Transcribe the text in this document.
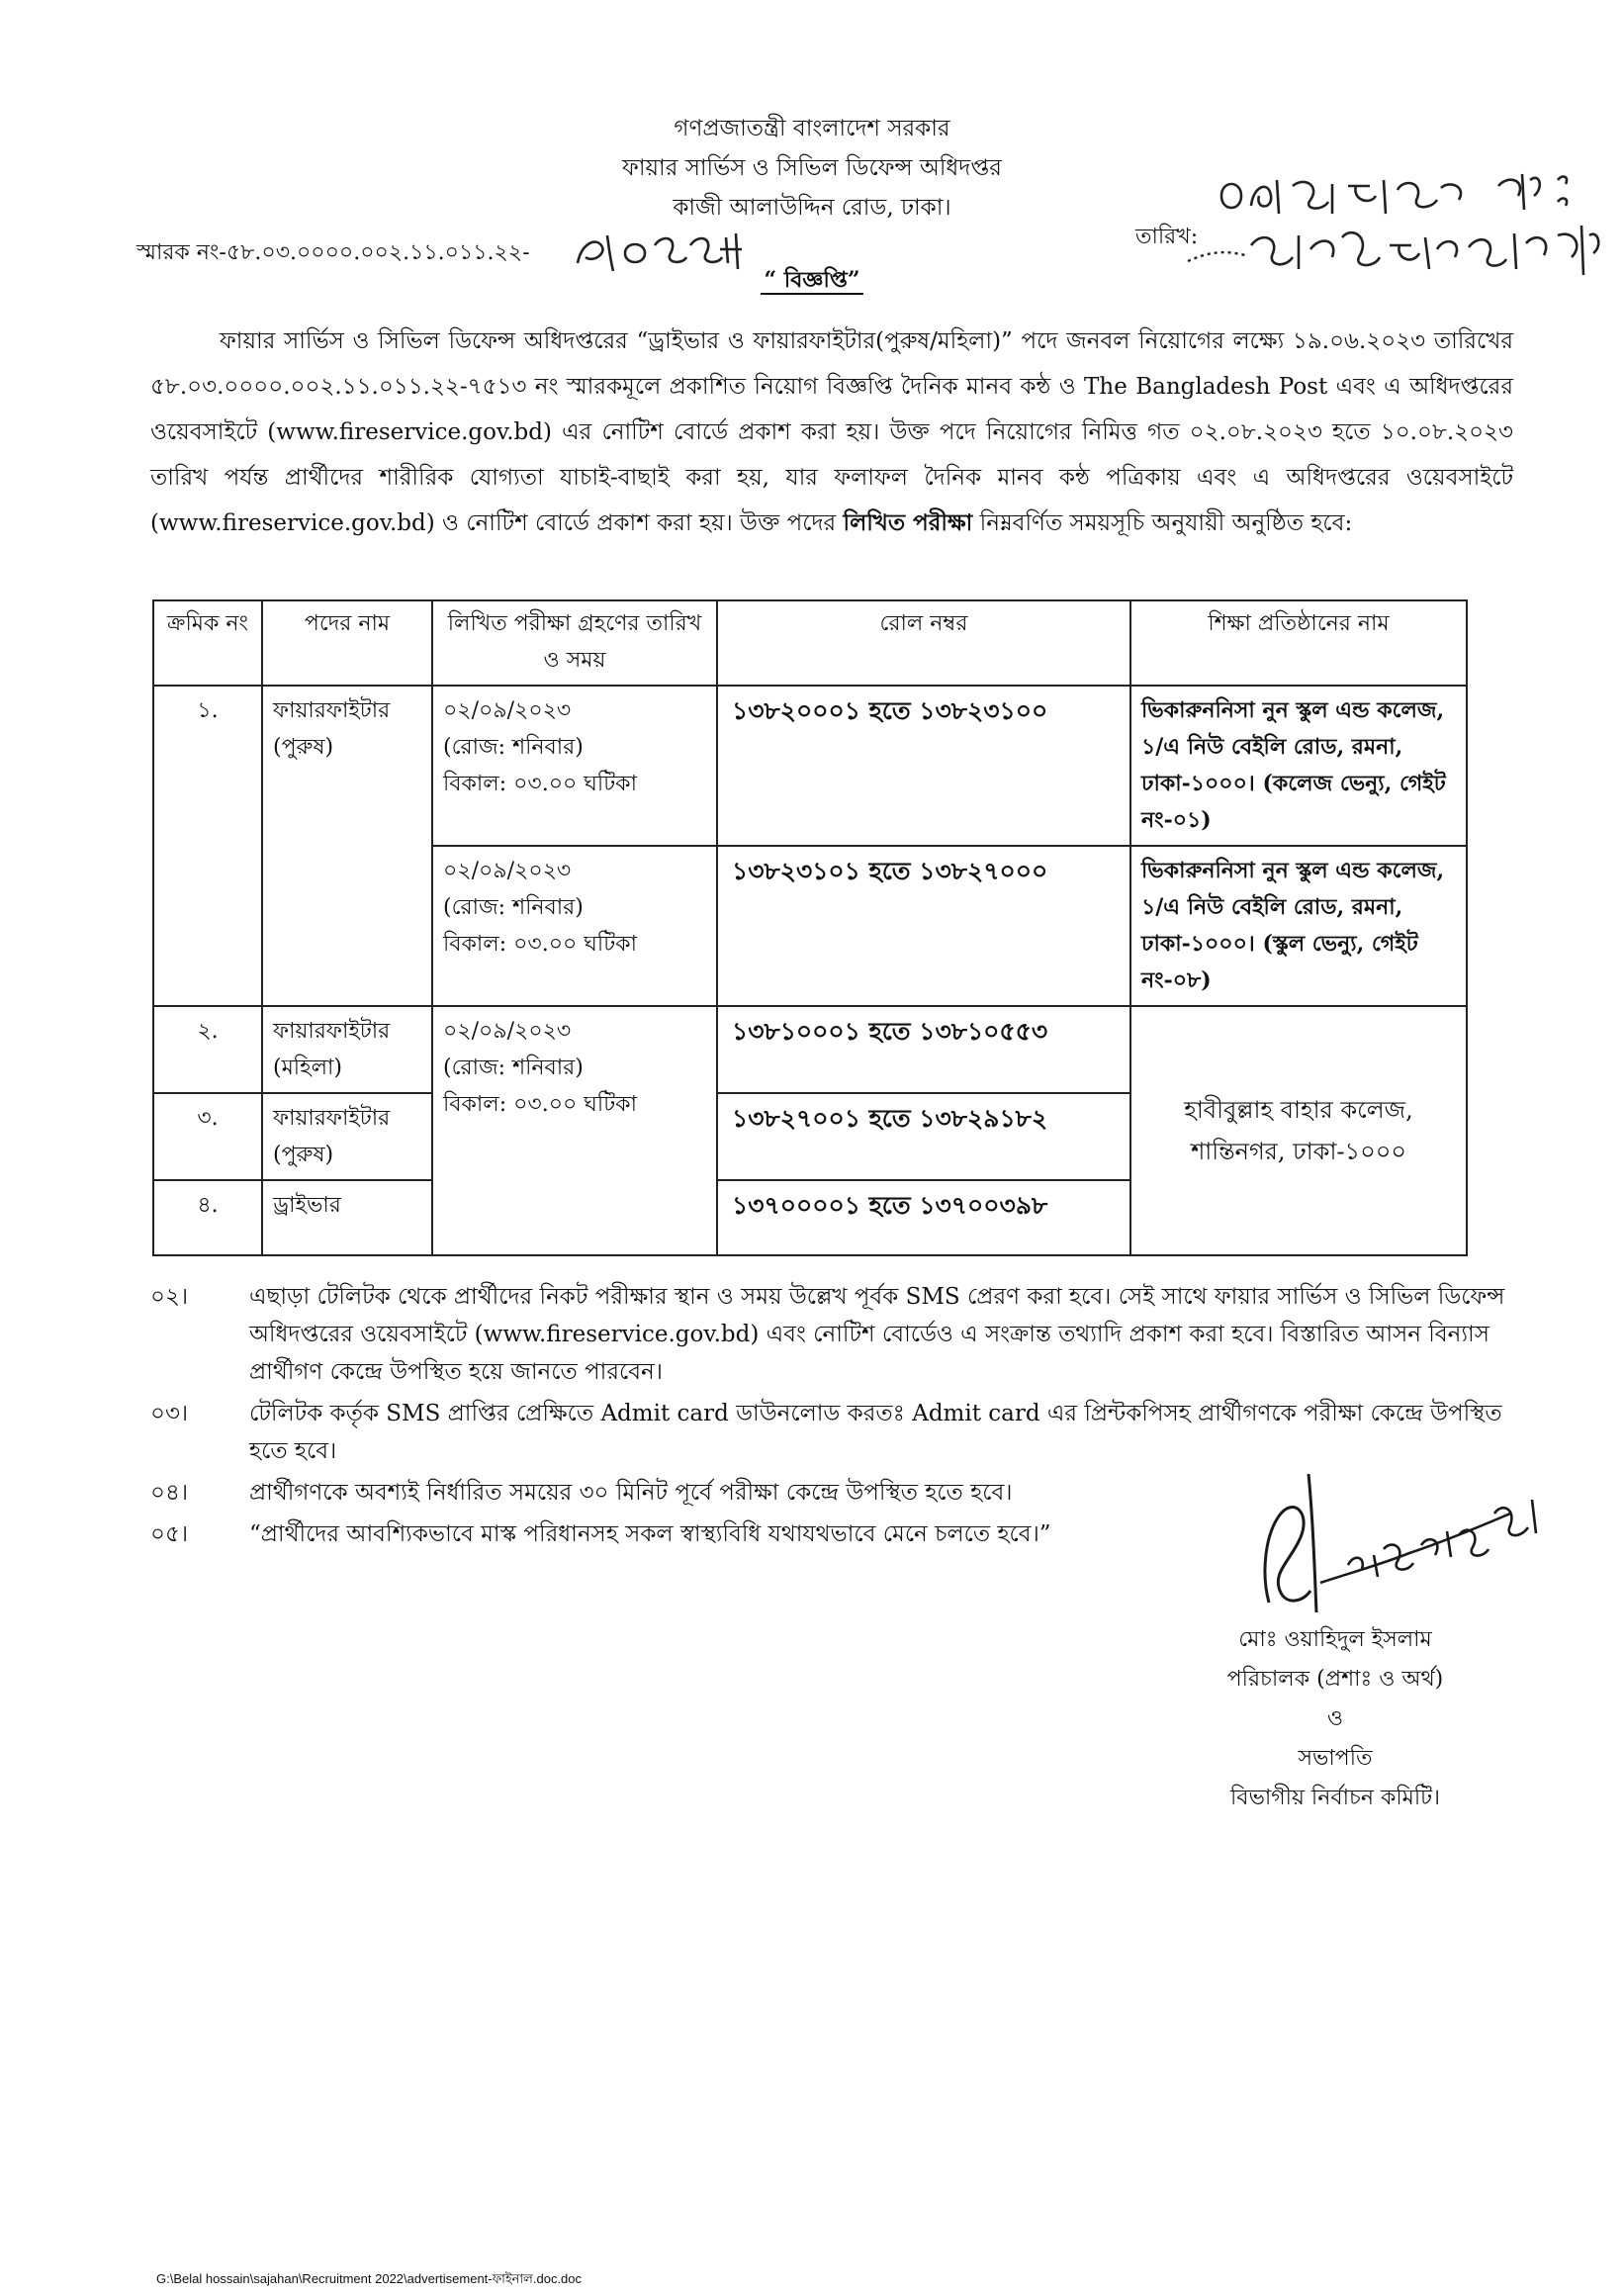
গণপ্রজাতন্ত্রী বাংলাদেশ সরকার
ফায়ার সার্ভিস ও সিভিল ডিফেন্স অধিদপ্তর
কাজী আলাউদ্দিন রোড, ঢাকা।
স্মারক নং-৫৮.০৩.০০০০.০০২.১১.০১১.২২-
তারিখ:
“ বিজ্ঞপ্তি”

ফায়ার সার্ভিস ও সিভিল ডিফেন্স অধিদপ্তরের “ড্রাইভার ও ফায়ারফাইটার(পুরুষ/মহিলা)” পদে জনবল নিয়োগের লক্ষ্যে ১৯.০৬.২০২৩ তারিখের ৫৮.০৩.০০০০.০০২.১১.০১১.২২-৭৫১৩ নং স্মারকমূলে প্রকাশিত নিয়োগ বিজ্ঞপ্তি দৈনিক মানব কন্ঠ ও The Bangladesh Post এবং এ অধিদপ্তরের ওয়েবসাইটে (www.fireservice.gov.bd) এর নোটিশ বোর্ডে প্রকাশ করা হয়। উক্ত পদে নিয়োগের নিমিত্ত গত ০২.০৮.২০২৩ হতে ১০.০৮.২০২৩ তারিখ পর্যন্ত প্রার্থীদের শারীরিক যোগ্যতা যাচাই-বাছাই করা হয়, যার ফলাফল দৈনিক মানব কন্ঠ পত্রিকায় এবং এ অধিদপ্তরের ওয়েবসাইটে (www.fireservice.gov.bd) ও নোটিশ বোর্ডে প্রকাশ করা হয়। উক্ত পদের লিখিত পরীক্ষা নিম্নবর্ণিত সময়সূচি অনুযায়ী অনুষ্ঠিত হবে:

ক্রমিক নং	পদের নাম	লিখিত পরীক্ষা গ্রহণের তারিখ ও সময়	রোল নম্বর	শিক্ষা প্রতিষ্ঠানের নাম
১.	ফায়ারফাইটার (পুরুষ)	০২/০৯/২০২৩
(রোজ: শনিবার)
বিকাল: ০৩.০০ ঘটিকা	১৩৮২০০০১ হতে ১৩৮২৩১০০	ভিকারুননিসা নুন স্কুল এন্ড কলেজ, ১/এ নিউ বেইলি রোড, রমনা, ঢাকা-১০০০। (কলেজ ভেন্যু, গেইট নং-০১)

		০২/০৯/২০২৩
(রোজ: শনিবার)
বিকাল: ০৩.০০ ঘটিকা	১৩৮২৩১০১ হতে ১৩৮২৭০০০	ভিকারুননিসা নুন স্কুল এন্ড কলেজ, ১/এ নিউ বেইলি রোড, রমনা, ঢাকা-১০০০। (স্কুল ভেন্যু, গেইট নং-০৮)
২.	ফায়ারফাইটার (মহিলা)	০২/০৯/২০২৩
(রোজ: শনিবার)
বিকাল: ০৩.০০ ঘটিকা	১৩৮১০০০১ হতে ১৩৮১০৫৫৩	হাবীবুল্লাহ বাহার কলেজ, শান্তিনগর, ঢাকা-১০০০
৩.	ফায়ারফাইটার (পুরুষ)		১৩৮২৭০০১ হতে ১৩৮২৯১৮২	
৪.	ড্রাইভার		১৩৭০০০০১ হতে ১৩৭০০৩৯৮	
০২।	এছাড়া টেলিটক থেকে প্রার্থীদের নিকট পরীক্ষার স্থান ও সময় উল্লেখ পূর্বক SMS প্রেরণ করা হবে। সেই সাথে ফায়ার সার্ভিস ও সিভিল ডিফেন্স অধিদপ্তরের ওয়েবসাইটে (www.fireservice.gov.bd) এবং নোটিশ বোর্ডেও এ সংক্রান্ত তথ্যাদি প্রকাশ করা হবে। বিস্তারিত আসন বিন্যাস প্রার্থীগণ কেন্দ্রে উপস্থিত হয়ে জানতে পারবেন।
০৩।	টেলিটক কর্তৃক SMS প্রাপ্তির প্রেক্ষিতে Admit card ডাউনলোড করতঃ Admit card এর প্রিন্টকপিসহ প্রার্থীগণকে পরীক্ষা কেন্দ্রে উপস্থিত হতে হবে।
০৪।	প্রার্থীগণকে অবশ্যই নির্ধারিত সময়ের ৩০ মিনিট পূর্বে পরীক্ষা কেন্দ্রে উপস্থিত হতে হবে।
০৫।	“প্রার্থীদের আবশ্যিকভাবে মাস্ক পরিধানসহ সকল স্বাস্থ্যবিধি যথাযথভাবে মেনে চলতে হবে।”
মোঃ ওয়াহিদুল ইসলাম
পরিচালক (প্রশাঃ ও অর্থ)
ও
সভাপতি
বিভাগীয় নির্বাচন কমিটি।
G:\Belal hossain\sajahan\Recruitment 2022\advertisement-ফাইনাল.doc.doc
